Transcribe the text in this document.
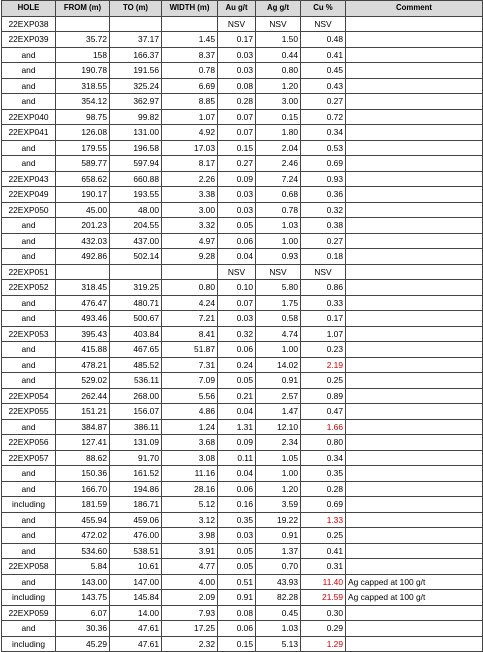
HOLE	FROM (m)	TO (m)	WIDTH (m)	Au g/t	Ag g/t	Cu %	Comment
22EXP038				NSV	NSV	NSV	
22EXP039	35.72	37.17	1.45	0.17	1.50	0.48	
and	158	166.37	8.37	0.03	0.44	0.41	
and	190.78	191.56	0.78	0.03	0.80	0.45	
and	318.55	325.24	6.69	0.08	1.20	0.43	
and	354.12	362.97	8.85	0.28	3.00	0.27	
22EXP040	98.75	99.82	1.07	0.07	0.15	0.72	
22EXP041	126.08	131.00	4.92	0.07	1.80	0.34	
and	179.55	196.58	17.03	0.15	2.04	0.53	
and	589.77	597.94	8.17	0.27	2.46	0.69	
22EXP043	658.62	660.88	2.26	0.09	7.24	0.93	
22EXP049	190.17	193.55	3.38	0.03	0.68	0.36	
22EXP050	45.00	48.00	3.00	0.03	0.78	0.32	
and	201.23	204.55	3.32	0.05	1.03	0.38	
and	432.03	437.00	4.97	0.06	1.00	0.27	
and	492.86	502.14	9.28	0.04	0.93	0.18	
22EXP051				NSV	NSV	NSV	
22EXP052	318.45	319.25	0.80	0.10	5.80	0.86	
and	476.47	480.71	4.24	0.07	1.75	0.33	
and	493.46	500.67	7.21	0.03	0.58	0.17	
22EXP053	395.43	403.84	8.41	0.32	4.74	1.07	
and	415.88	467.65	51.87	0.06	1.00	0.23	
and	478.21	485.52	7.31	0.24	14.02	2.19	
and	529.02	536.11	7.09	0.05	0.91	0.25	
22EXP054	262.44	268.00	5.56	0.21	2.57	0.89	
22EXP055	151.21	156.07	4.86	0.04	1.47	0.47	
and	384.87	386.11	1.24	1.31	12.10	1.66	
22EXP056	127.41	131.09	3.68	0.09	2.34	0.80	
22EXP057	88.62	91.70	3.08	0.11	1.05	0.34	
and	150.36	161.52	11.16	0.04	1.00	0.35	
and	166.70	194.86	28.16	0.06	1.20	0.28	
including	181.59	186.71	5.12	0.16	3.59	0.69	
and	455.94	459.06	3.12	0.35	19.22	1.33	
and	472.02	476.00	3.98	0.03	0.91	0.25	
and	534.60	538.51	3.91	0.05	1.37	0.41	
22EXP058	5.84	10.61	4.77	0.05	0.70	0.31	
and	143.00	147.00	4.00	0.51	43.93	11.40	Ag capped at 100 g/t
including	143.75	145.84	2.09	0.91	82.28	21.59	Ag capped at 100 g/t
22EXP059	6.07	14.00	7.93	0.08	0.45	0.30	
and	30.36	47.61	17.25	0.06	1.03	0.29	
including	45.29	47.61	2.32	0.15	5.13	1.29	
